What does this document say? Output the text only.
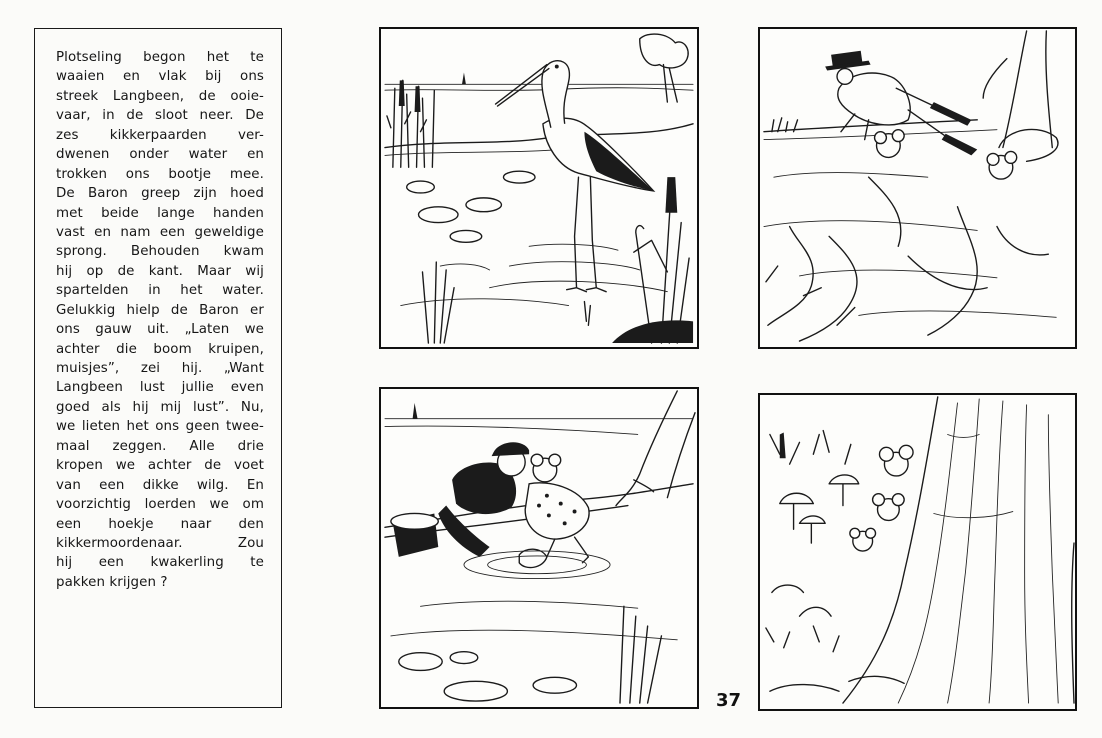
Plotseling begon het te
waaien en vlak bij ons
streek Langbeen, de ooie-
vaar, in de sloot neer. De
zes kikkerpaarden ver-
dwenen onder water en
trokken ons bootje mee.
De Baron greep zijn hoed
met beide lange handen
vast en nam een geweldige
sprong. Behouden kwam
hij op de kant. Maar wij
spartelden in het water.
Gelukkig hielp de Baron er
ons gauw uit. „Laten we
achter die boom kruipen,
muisjes”, zei hij. „Want
Langbeen lust jullie even
goed als hij mij lust”. Nu,
we lieten het ons geen twee-
maal zeggen. Alle drie
kropen we achter de voet
van een dikke wilg. En
voorzichtig loerden we om
een hoekje naar den
kikkermoordenaar. Zou
hij een kwakerling te
pakken krijgen ?
37
